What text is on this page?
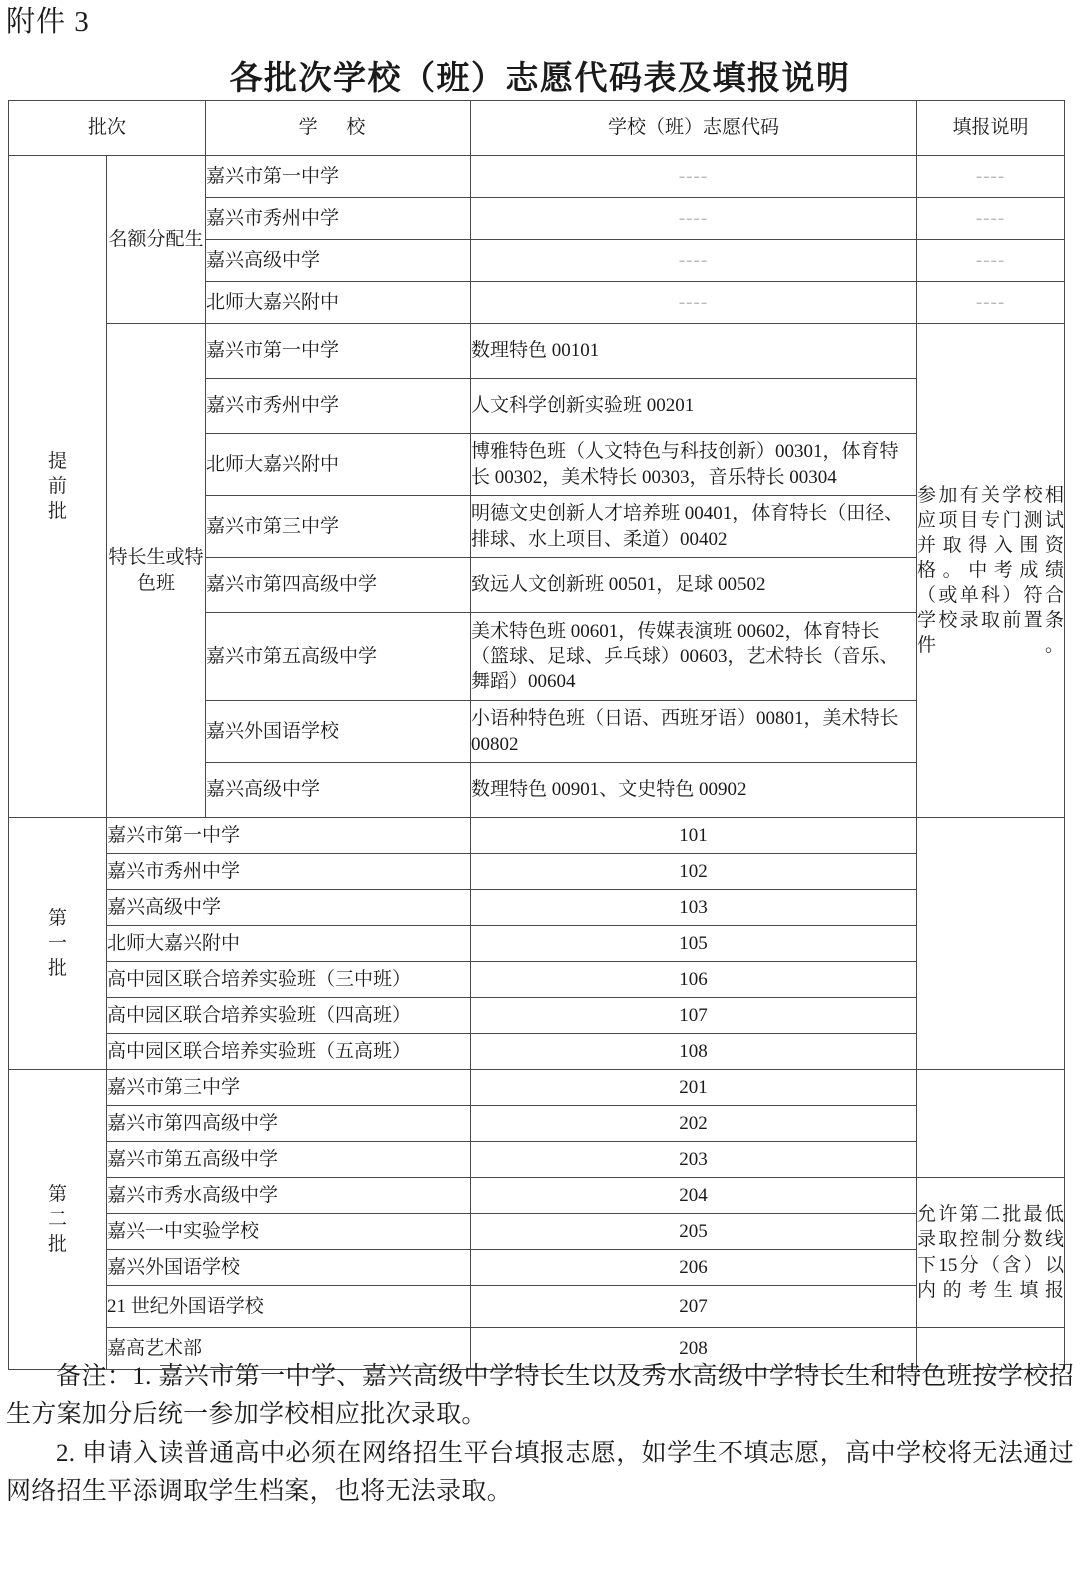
附件 3
各批次学校（班）志愿代码表及填报说明
批次		学 校	学校（班）志愿代码	填报说明

提
前
批	名额分配生	嘉兴市第一中学	----	----
		嘉兴市秀州中学	----	----
		嘉兴高级中学	----	----
		北师大嘉兴附中	----	----
	特长生或特色班	嘉兴市第一中学	数理特色 00101	参加有关学校相应项目专门测试并取得入围资格。中考成绩（或单科）符合学校录取前置条件。
		嘉兴市秀州中学	人文科学创新实验班 00201	
		北师大嘉兴附中	博雅特色班（人文特色与科技创新）00301，体育特长 00302，美术特长 00303，音乐特长 00304	
		嘉兴市第三中学	明德文史创新人才培养班 00401，体育特长（田径、排球、水上项目、柔道）00402	
		嘉兴市第四高级中学	致远人文创新班 00501，足球 00502	
		嘉兴市第五高级中学	美术特色班 00601，传媒表演班 00602，体育特长（篮球、足球、乒乓球）00603，艺术特长（音乐、舞蹈）00604	
		嘉兴外国语学校	小语种特色班（日语、西班牙语）00801，美术特长 00802	
		嘉兴高级中学	数理特色 00901、文史特色 00902	

第
一
批	嘉兴市第一中学		101	
	嘉兴市秀州中学		102	
	嘉兴高级中学		103	
	北师大嘉兴附中		105	
	高中园区联合培养实验班（三中班）		106	
	高中园区联合培养实验班（四高班）		107	
	高中园区联合培养实验班（五高班）		108	

第
二
批	嘉兴市第三中学		201	
	嘉兴市第四高级中学		202	
	嘉兴市第五高级中学		203	
	嘉兴市秀水高级中学		204	允许第二批最低录取控制分数线下15分（含）以内的考生填报
	嘉兴一中实验学校		205	
	嘉兴外国语学校		206	
	21 世纪外国语学校		207	
	嘉高艺术部		208	

备注：1. 嘉兴市第一中学、嘉兴高级中学特长生以及秀水高级中学特长生和特色班按学校招生方案加分后统一参加学校相应批次录取。

2. 申请入读普通高中必须在网络招生平台填报志愿，如学生不填志愿，高中学校将无法通过网络招生平添调取学生档案，也将无法录取。
